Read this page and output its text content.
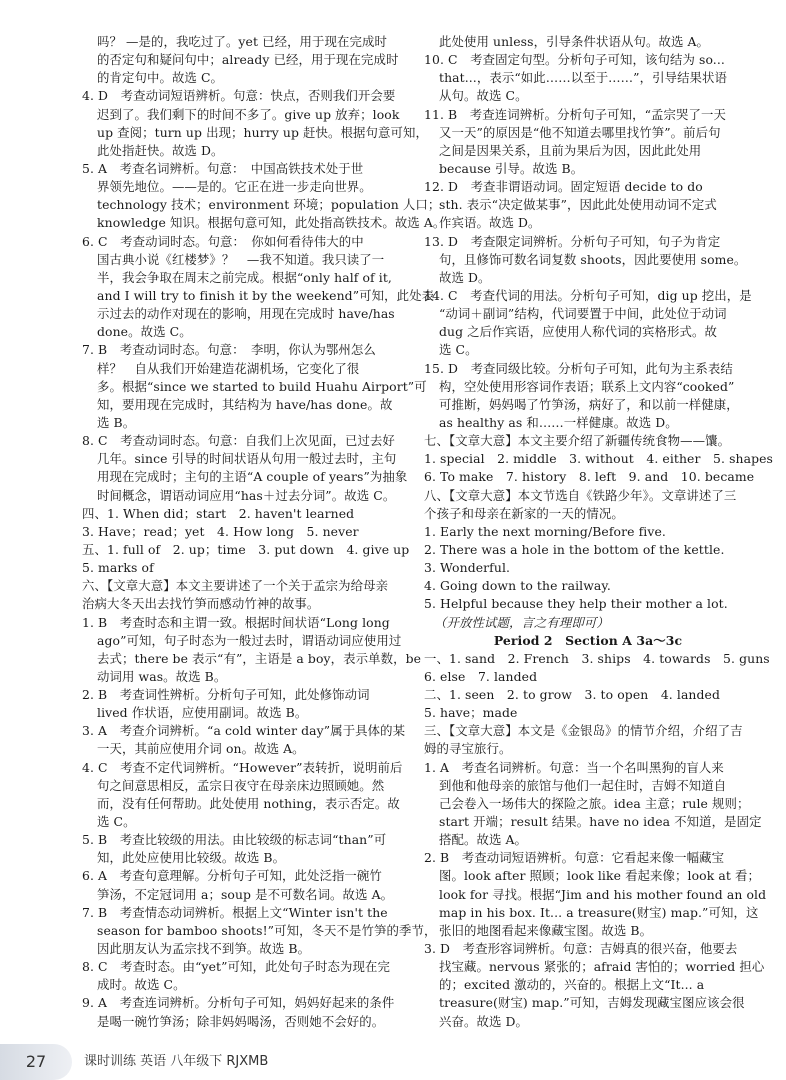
吗？ —是的，我吃过了。yet 已经，用于现在完成时
的否定句和疑问句中；already 已经，用于现在完成时
的肯定句中。故选 C。
4. D　考查动词短语辨析。句意：快点，否则我们开会要
迟到了。我们剩下的时间不多了。give up 放弃；look
up 查阅；turn up 出现；hurry up 赶快。根据句意可知，
此处指赶快。故选 D。
5. A　考查名词辨析。句意：　中国高铁技术处于世
界领先地位。——是的。它正在进一步走向世界。
technology 技术；environment 环境；population 人口；
knowledge 知识。根据句意可知，此处指高铁技术。故选 A。
6. C　考查动词时态。句意：　你如何看待伟大的中
国古典小说《红楼梦》？　—我不知道。我只读了一
半，我会争取在周末之前完成。根据“only half of it,
and I will try to finish it by the weekend”可知，此处表
示过去的动作对现在的影响，用现在完成时 have/has
done。故选 C。
7. B　考查动词时态。句意：　李明，你认为鄂州怎么
样？　自从我们开始建造花湖机场，它变化了很
多。根据“since we started to build Huahu Airport”可
知，要用现在完成时，其结构为 have/has done。故
选 B。
8. C　考查动词时态。句意：自我们上次见面，已过去好
几年。since 引导的时间状语从句用一般过去时，主句
用现在完成时；主句的主语“A couple of years”为抽象
时间概念，谓语动词应用“has＋过去分词”。故选 C。
四、1. When did；start　2. haven't learned
3. Have；read；yet　4. How long　5. never
五、1. full of　2. up；time　3. put down　4. give up
5. marks of
六、【文章大意】本文主要讲述了一个关于孟宗为给母亲
治病大冬天出去找竹笋而感动竹神的故事。
1. B　考查时态和主谓一致。根据时间状语“Long long
ago”可知，句子时态为一般过去时，谓语动词应使用过
去式；there be 表示“有”，主语是 a boy，表示单数，be
动词用 was。故选 B。
2. B　考查词性辨析。分析句子可知，此处修饰动词
lived 作状语，应使用副词。故选 B。
3. A　考查介词辨析。“a cold winter day”属于具体的某
一天，其前应使用介词 on。故选 A。
4. C　考查不定代词辨析。“However”表转折，说明前后
句之间意思相反，孟宗日夜守在母亲床边照顾她。然
而，没有任何帮助。此处使用 nothing，表示否定。故
选 C。
5. B　考查比较级的用法。由比较级的标志词“than”可
知，此处应使用比较级。故选 B。
6. A　考查句意理解。分析句子可知，此处泛指一碗竹
笋汤，不定冠词用 a；soup 是不可数名词。故选 A。
7. B　考查情态动词辨析。根据上文“Winter isn't the
season for bamboo shoots!”可知，冬天不是竹笋的季节，
因此朋友认为孟宗找不到笋。故选 B。
8. C　考查时态。由“yet”可知，此处句子时态为现在完
成时。故选 C。
9. A　考查连词辨析。分析句子可知，妈妈好起来的条件
是喝一碗竹笋汤；除非妈妈喝汤，否则她不会好的。
此处使用 unless，引导条件状语从句。故选 A。
10. C　考查固定句型。分析句子可知，该句结为 so...
that...，表示“如此……以至于……”，引导结果状语
从句。故选 C。
11. B　考查连词辨析。分析句子可知，“孟宗哭了一天
又一天”的原因是“他不知道去哪里找竹笋”。前后句
之间是因果关系，且前为果后为因，因此此处用
because 引导。故选 B。
12. D　考查非谓语动词。固定短语 decide to do
sth. 表示“决定做某事”，因此此处使用动词不定式
作宾语。故选 D。
13. D　考查限定词辨析。分析句子可知，句子为肯定
句，且修饰可数名词复数 shoots，因此要使用 some。
故选 D。
14. C　考查代词的用法。分析句子可知，dig up 挖出，是
“动词＋副词”结构，代词要置于中间，此处位于动词
dug 之后作宾语，应使用人称代词的宾格形式。故
选 C。
15. D　考查同级比较。分析句子可知，此句为主系表结
构，空处使用形容词作表语；联系上文内容“cooked”
可推断，妈妈喝了竹笋汤，病好了，和以前一样健康，
as healthy as 和……一样健康。故选 D。
七、【文章大意】本文主要介绍了新疆传统食物——馕。
1. special　2. middle　3. without　4. either　5. shapes
6. To make　7. history　8. left　9. and　10. became
八、【文章大意】本文节选自《铁路少年》。文章讲述了三
个孩子和母亲在新家的一天的情况。
1. Early the next morning/Before five.
2. There was a hole in the bottom of the kettle.
3. Wonderful.
4. Going down to the railway.
5. Helpful because they help their mother a lot.
（开放性试题，言之有理即可）
Period 2　Section A 3a～3c
一、1. sand　2. French　3. ships　4. towards　5. guns
6. else　7. landed
二、1. seen　2. to grow　3. to open　4. landed
5. have；made
三、【文章大意】本文是《金银岛》的情节介绍，介绍了吉
姆的寻宝旅行。
1. A　考查名词辨析。句意：当一个名叫黑狗的盲人来
到他和他母亲的旅馆与他们一起住时，吉姆不知道自
己会卷入一场伟大的探险之旅。idea 主意；rule 规则；
start 开端；result 结果。have no idea 不知道，是固定
搭配。故选 A。
2. B　考查动词短语辨析。句意：它看起来像一幅藏宝
图。look after 照顾；look like 看起来像；look at 看；
look for 寻找。根据“Jim and his mother found an old
map in his box. It... a treasure(财宝) map.”可知，这
张旧的地图看起来像藏宝图。故选 B。
3. D　考查形容词辨析。句意：吉姆真的很兴奋，他要去
找宝藏。nervous 紧张的；afraid 害怕的；worried 担心
的；excited 激动的，兴奋的。根据上文“It... a
treasure(财宝) map.”可知，吉姆发现藏宝图应该会很
兴奋。故选 D。
27	课时训练 英语 八年级下 RJXMB
